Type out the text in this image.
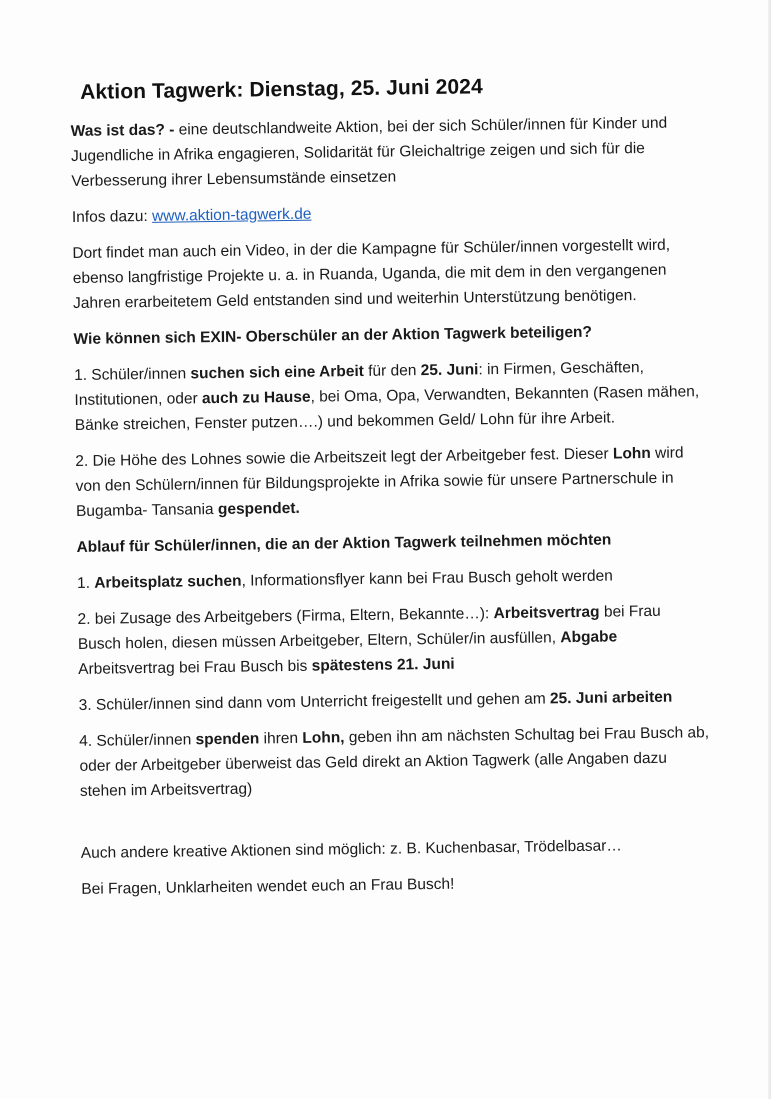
Aktion Tagwerk: Dienstag, 25. Juni 2024

Was ist das? - eine deutschlandweite Aktion, bei der sich Schüler/innen für Kinder und Jugendliche in Afrika engagieren, Solidarität für Gleichaltrige zeigen und sich für die Verbesserung ihrer Lebensumstände einsetzen

Infos dazu: www.aktion-tagwerk.de

Dort findet man auch ein Video, in der die Kampagne für Schüler/innen vorgestellt wird, ebenso langfristige Projekte u. a. in Ruanda, Uganda, die mit dem in den vergangenen Jahren erarbeitetem Geld entstanden sind und weiterhin Unterstützung benötigen.

Wie können sich EXIN- Oberschüler an der Aktion Tagwerk beteiligen?

1. Schüler/innen suchen sich eine Arbeit für den 25. Juni: in Firmen, Geschäften, Institutionen, oder auch zu Hause, bei Oma, Opa, Verwandten, Bekannten (Rasen mähen, Bänke streichen, Fenster putzen….) und bekommen Geld/ Lohn für ihre Arbeit.

2. Die Höhe des Lohnes sowie die Arbeitszeit legt der Arbeitgeber fest. Dieser Lohn wird von den Schülern/innen für Bildungsprojekte in Afrika sowie für unsere Partnerschule in Bugamba- Tansania gespendet.

Ablauf für Schüler/innen, die an der Aktion Tagwerk teilnehmen möchten

1. Arbeitsplatz suchen, Informationsflyer kann bei Frau Busch geholt werden

2. bei Zusage des Arbeitgebers (Firma, Eltern, Bekannte…): Arbeitsvertrag bei Frau Busch holen, diesen müssen Arbeitgeber, Eltern, Schüler/in ausfüllen, Abgabe Arbeitsvertrag bei Frau Busch bis spätestens 21. Juni

3. Schüler/innen sind dann vom Unterricht freigestellt und gehen am 25. Juni arbeiten

4. Schüler/innen spenden ihren Lohn, geben ihn am nächsten Schultag bei Frau Busch ab, oder der Arbeitgeber überweist das Geld direkt an Aktion Tagwerk (alle Angaben dazu stehen im Arbeitsvertrag)

Auch andere kreative Aktionen sind möglich: z. B. Kuchenbasar, Trödelbasar…

Bei Fragen, Unklarheiten wendet euch an Frau Busch!
